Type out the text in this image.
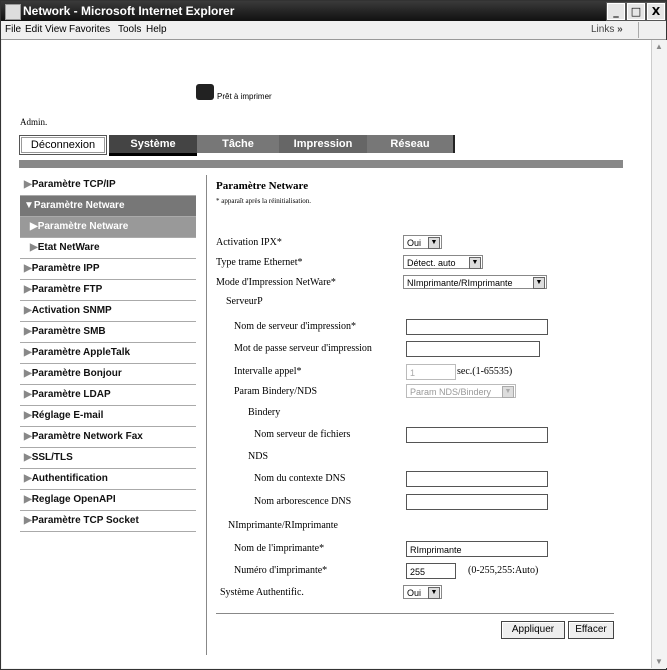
Network - Microsoft Internet Explorer	_	□ X
File Edit View Favorites Tools Help	Links »
Prêt à imprimer
Admin.
Déconnexion	Système	Tâche	Impression	Réseau
▶Paramètre TCP/IP
▼Paramètre Netware
▶Paramètre Netware
▶Etat NetWare
▶Paramètre IPP
▶Paramètre FTP
▶Activation SNMP
▶Paramètre SMB
▶Paramètre AppleTalk
▶Paramètre Bonjour
▶Paramètre LDAP
▶Réglage E-mail
▶Paramètre Network Fax
▶SSL/TLS
▶Authentification
▶Reglage OpenAPI
▶Paramètre TCP Socket
Paramètre Netware
* apparaît après la réinitialisation.
Activation IPX*	Oui	▼
Type trame Ethernet*	Détect. auto	▼
Mode d'Impression NetWare*	NImprimante/RImprimante	▼
ServeurP
Nom de serveur d'impression*
Mot de passe serveur d'impression
Intervalle appel*	1	sec.(1-65535)
Param Bindery/NDS	Param NDS/Bindery	▼
Bindery
Nom serveur de fichiers
NDS
Nom du contexte DNS
Nom arborescence DNS
NImprimante/RImprimante
Nom de l'imprimante*	RImprimante
Numéro d'imprimante*	255	(0-255,255:Auto)
Système Authentific.	Oui	▼
Appliquer	Effacer
▲
▼
